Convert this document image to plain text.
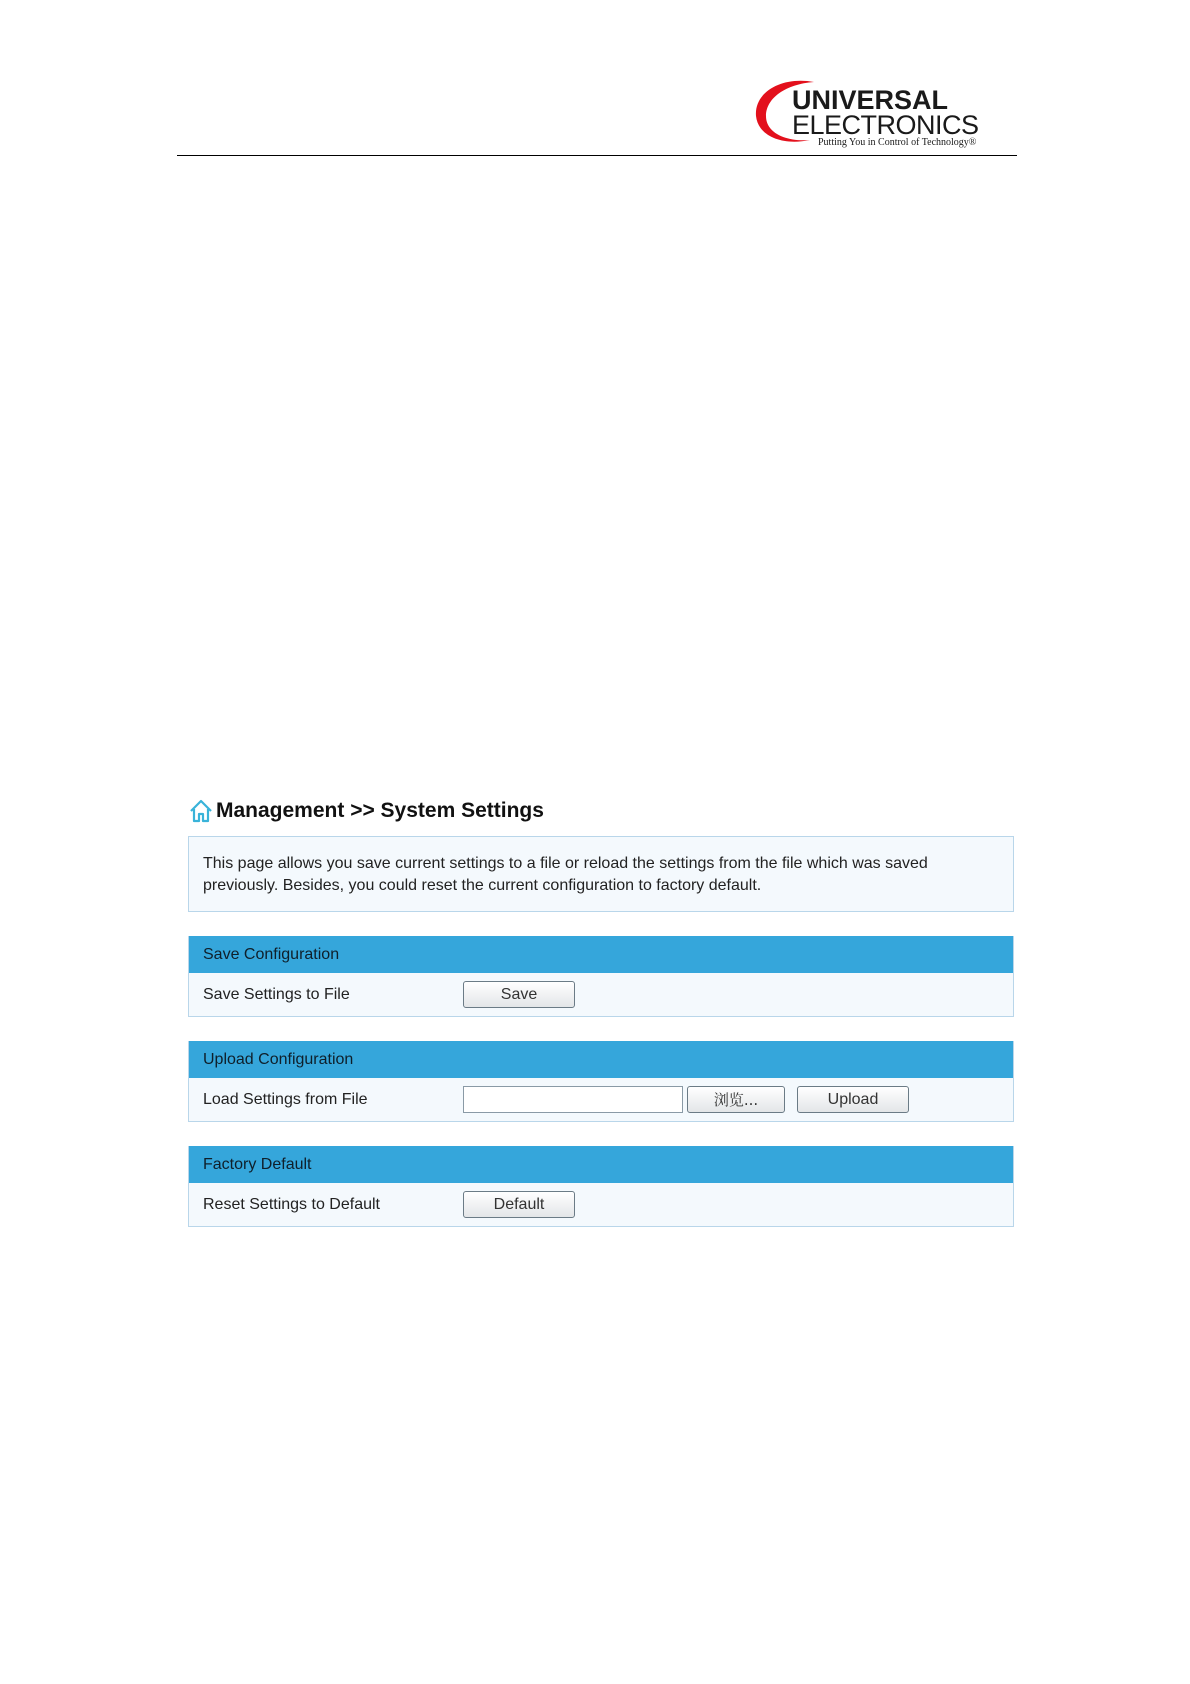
UNIVERSAL
ELECTRONICS
Putting You in Control of Technology®
Management >> System Settings
This page allows you save current settings to a file or reload the settings from the file which was saved previously. Besides, you could reset the current configuration to factory default.
Save Configuration
Save Settings to File	Save
Upload Configuration
Load Settings from File	浏览...	Upload
Factory Default
Reset Settings to Default	Default
